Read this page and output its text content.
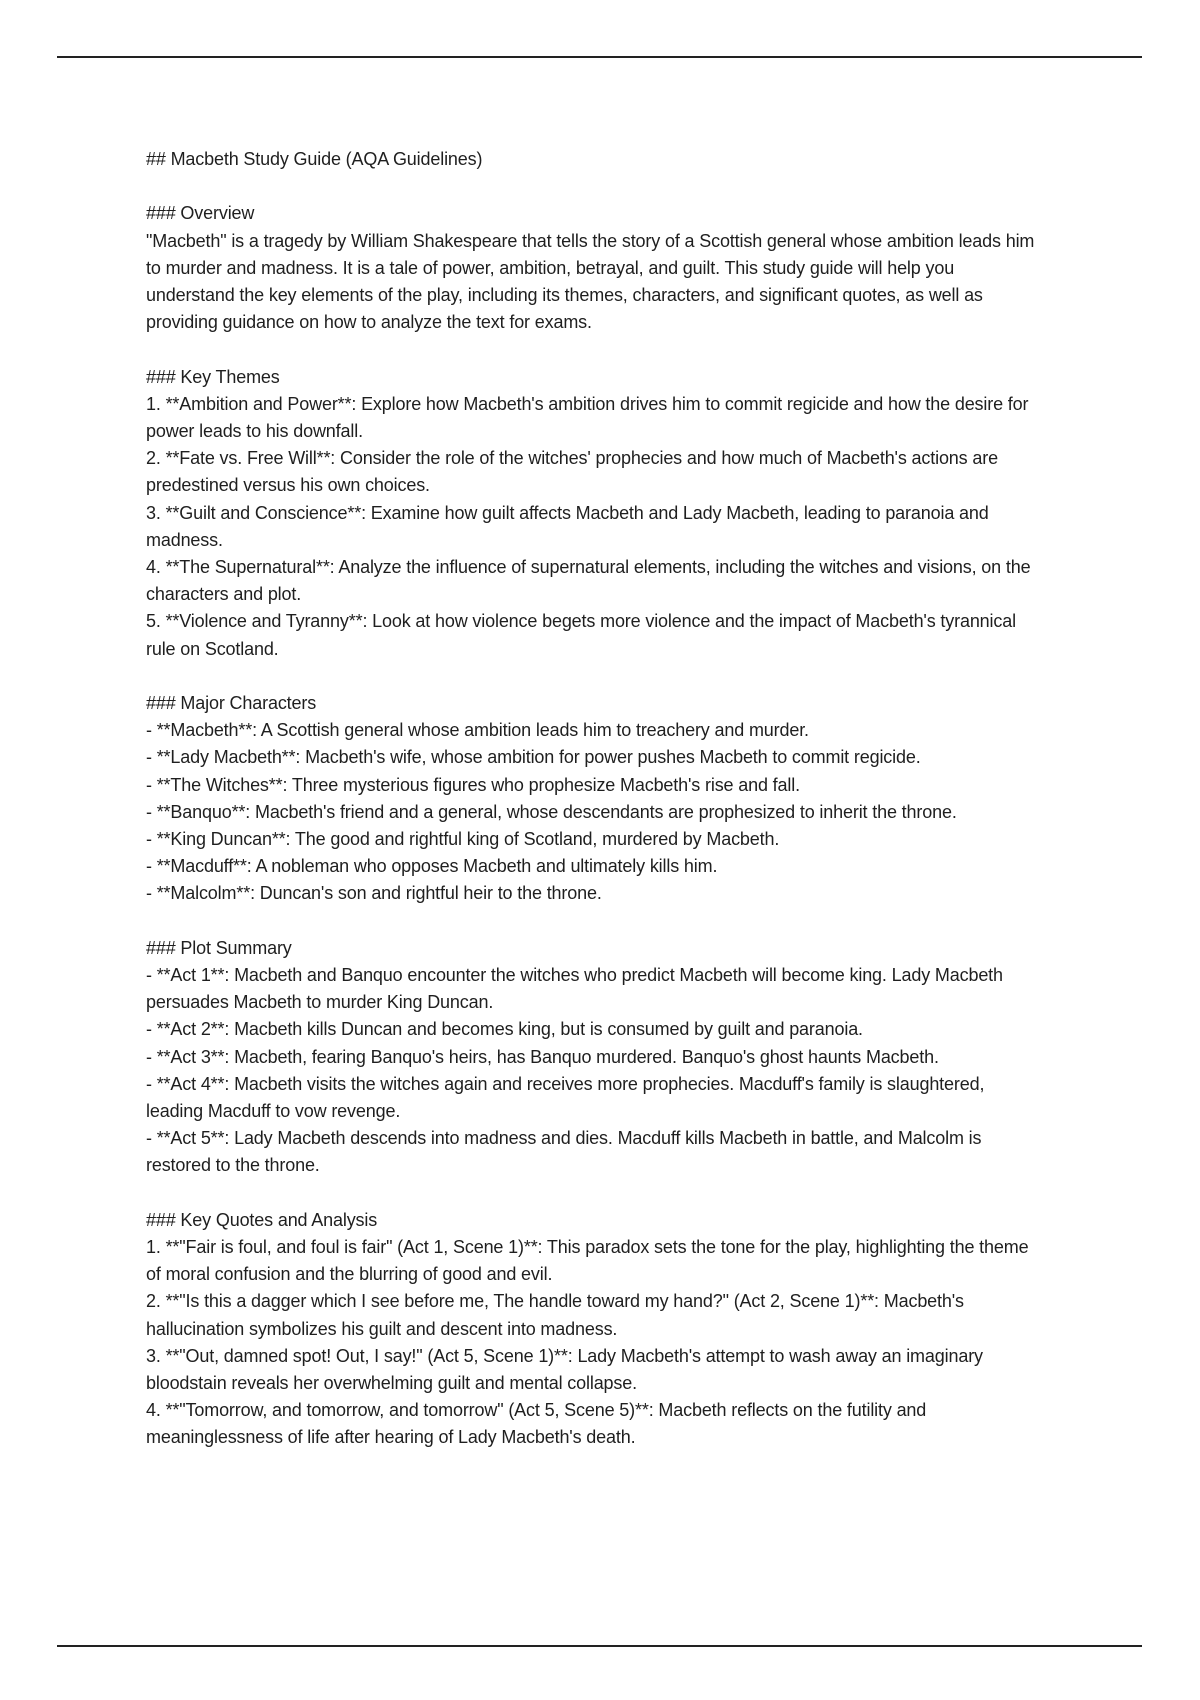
## Macbeth Study Guide (AQA Guidelines)

### Overview

"Macbeth" is a tragedy by William Shakespeare that tells the story of a Scottish general whose ambition leads him to murder and madness. It is a tale of power, ambition, betrayal, and guilt. This study guide will help you understand the key elements of the play, including its themes, characters, and significant quotes, as well as providing guidance on how to analyze the text for exams.

### Key Themes

1. **Ambition and Power**: Explore how Macbeth's ambition drives him to commit regicide and how the desire for power leads to his downfall.

2. **Fate vs. Free Will**: Consider the role of the witches' prophecies and how much of Macbeth's actions are predestined versus his own choices.

3. **Guilt and Conscience**: Examine how guilt affects Macbeth and Lady Macbeth, leading to paranoia and madness.

4. **The Supernatural**: Analyze the influence of supernatural elements, including the witches and visions, on the characters and plot.

5. **Violence and Tyranny**: Look at how violence begets more violence and the impact of Macbeth's tyrannical rule on Scotland.

### Major Characters

- **Macbeth**: A Scottish general whose ambition leads him to treachery and murder.

- **Lady Macbeth**: Macbeth's wife, whose ambition for power pushes Macbeth to commit regicide.

- **The Witches**: Three mysterious figures who prophesize Macbeth's rise and fall.

- **Banquo**: Macbeth's friend and a general, whose descendants are prophesized to inherit the throne.

- **King Duncan**: The good and rightful king of Scotland, murdered by Macbeth.

- **Macduff**: A nobleman who opposes Macbeth and ultimately kills him.

- **Malcolm**: Duncan's son and rightful heir to the throne.

### Plot Summary

- **Act 1**: Macbeth and Banquo encounter the witches who predict Macbeth will become king. Lady Macbeth persuades Macbeth to murder King Duncan.

- **Act 2**: Macbeth kills Duncan and becomes king, but is consumed by guilt and paranoia.

- **Act 3**: Macbeth, fearing Banquo's heirs, has Banquo murdered. Banquo's ghost haunts Macbeth.

- **Act 4**: Macbeth visits the witches again and receives more prophecies. Macduff's family is slaughtered, leading Macduff to vow revenge.

- **Act 5**: Lady Macbeth descends into madness and dies. Macduff kills Macbeth in battle, and Malcolm is restored to the throne.

### Key Quotes and Analysis

1. **"Fair is foul, and foul is fair" (Act 1, Scene 1)**: This paradox sets the tone for the play, highlighting the theme of moral confusion and the blurring of good and evil.

2. **"Is this a dagger which I see before me, The handle toward my hand?" (Act 2, Scene 1)**: Macbeth's hallucination symbolizes his guilt and descent into madness.

3. **"Out, damned spot! Out, I say!" (Act 5, Scene 1)**: Lady Macbeth's attempt to wash away an imaginary bloodstain reveals her overwhelming guilt and mental collapse.

4. **"Tomorrow, and tomorrow, and tomorrow" (Act 5, Scene 5)**: Macbeth reflects on the futility and meaninglessness of life after hearing of Lady Macbeth's death.
